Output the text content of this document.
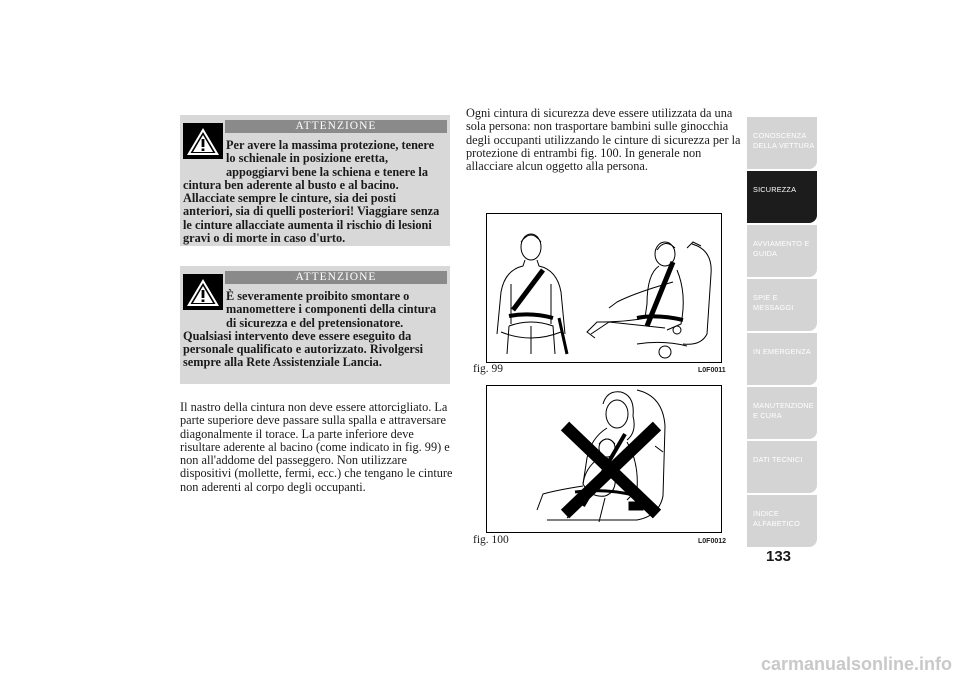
ATTENZIONE
Per avere la massima protezione, tenere lo schienale in posizione eretta, appoggiarvi bene la schiena e tenere la cintura ben aderente al busto e al bacino. Allacciate sempre le cinture, sia dei posti anteriori, sia di quelli posteriori! Viaggiare senza le cinture allacciate aumenta il rischio di lesioni gravi o di morte in caso d'urto.
ATTENZIONE
È severamente proibito smontare o manomettere i componenti della cintura di sicurezza e del pretensionatore. Qualsiasi intervento deve essere eseguito da personale qualificato e autorizzato. Rivolgersi sempre alla Rete Assistenziale Lancia.
Il nastro della cintura non deve essere attorcigliato. La parte superiore deve passare sulla spalla e attraversare diagonalmente il torace. La parte inferiore deve risultare aderente al bacino (come indicato in fig. 99) e non all'addome del passeggero. Non utilizzare dispositivi (mollette, fermi, ecc.) che tengano le cinture non aderenti al corpo degli occupanti.
Ogni cintura di sicurezza deve essere utilizzata da una sola persona: non trasportare bambini sulle ginocchia degli occupanti utilizzando le cinture di sicurezza per la protezione di entrambi fig. 100. In generale non allacciare alcun oggetto alla persona.
fig. 99	L0F0011
fig. 100	L0F0012
CONOSCENZA DELLA VETTURA
SICUREZZA
AVVIAMENTO E GUIDA
SPIE E MESSAGGI
IN EMERGENZA
MANUTENZIONE E CURA
DATI TECNICI
INDICE ALFABETICO
133
carmanualsonline.info
